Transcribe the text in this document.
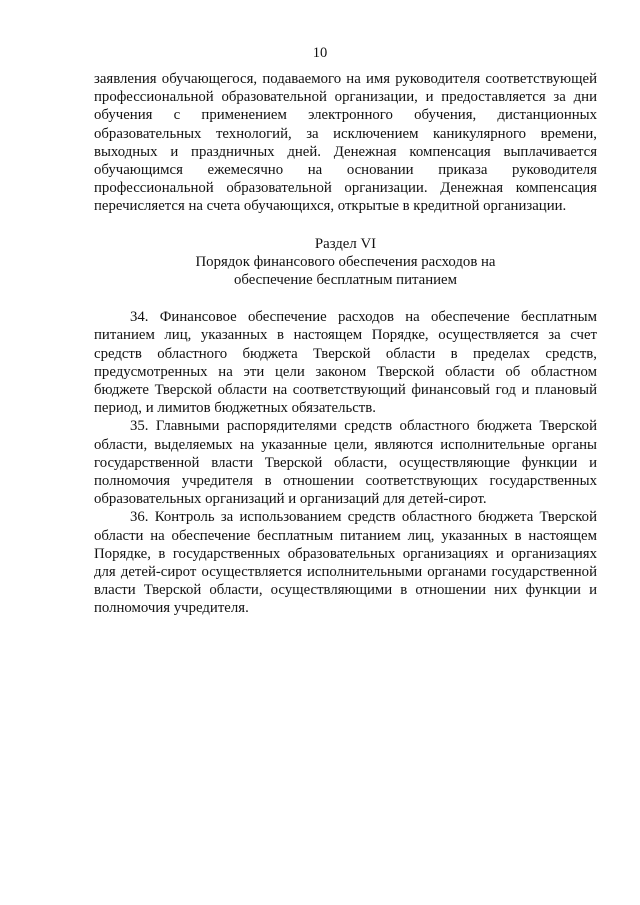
10

заявления обучающегося, подаваемого на имя руководителя соответствующей профессиональной образовательной организации, и предоставляется за дни обучения с применением электронного обучения, дистанционных образовательных технологий, за исключением каникулярного времени, выходных и праздничных дней. Денежная компенсация выплачивается обучающимся ежемесячно на основании приказа руководителя профессиональной образовательной организации. Денежная компенсация перечисляется на счета обучающихся, открытые в кредитной организации.

Раздел VI

Порядок финансового обеспечения расходов на обеспечение бесплатным питанием

34. Финансовое обеспечение расходов на обеспечение бесплатным питанием лиц, указанных в настоящем Порядке, осуществляется за счет средств областного бюджета Тверской области в пределах средств, предусмотренных на эти цели законом Тверской области об областном бюджете Тверской области на соответствующий финансовый год и плановый период, и лимитов бюджетных обязательств.

35. Главными распорядителями средств областного бюджета Тверской области, выделяемых на указанные цели, являются исполнительные органы государственной власти Тверской области, осуществляющие функции и полномочия учредителя в отношении соответствующих государственных образовательных организаций и организаций для детей-сирот.

36. Контроль за использованием средств областного бюджета Тверской области на обеспечение бесплатным питанием лиц, указанных в настоящем Порядке, в государственных образовательных организациях и организациях для детей-сирот осуществляется исполнительными органами государственной власти Тверской области, осуществляющими в отношении них функции и полномочия учредителя.
